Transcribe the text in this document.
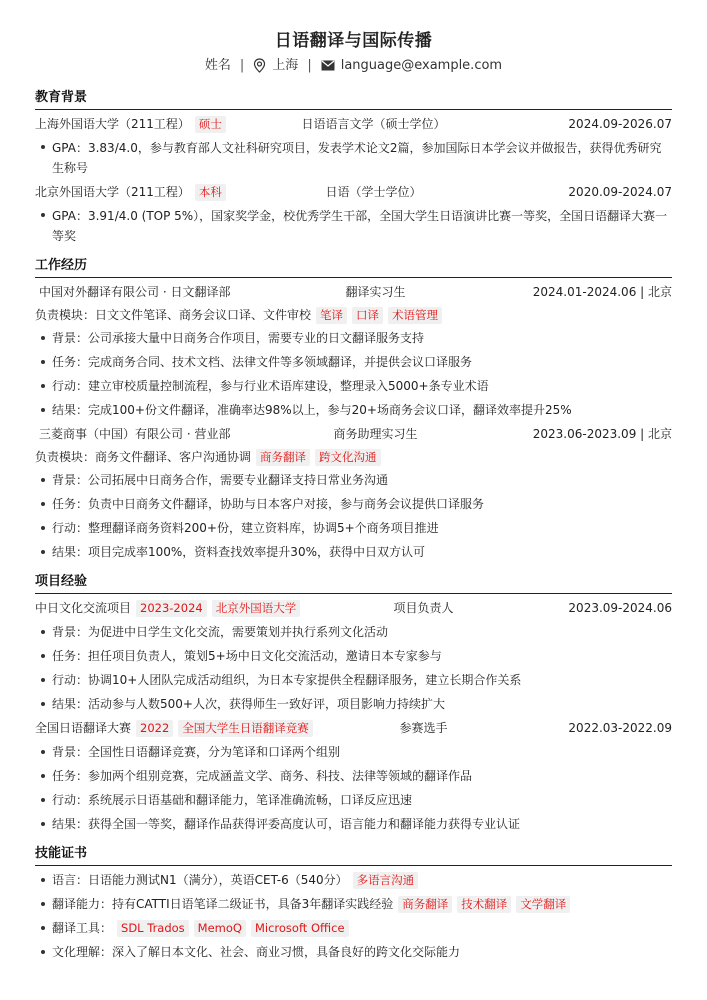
日语翻译与国际传播
姓名 | 上海 | language@example.com
教育背景
上海外国语大学（211工程） 硕士	日语语言文学（硕士学位）	2024.09-2026.07
GPA：3.83/4.0，参与教育部人文社科研究项目，发表学术论文2篇，参加国际日本学会议并做报告，获得优秀研究生称号
北京外国语大学（211工程） 本科	日语（学士学位）	2020.09-2024.07
GPA：3.91/4.0 (TOP 5%），国家奖学金，校优秀学生干部，全国大学生日语演讲比赛一等奖，全国日语翻译大赛一等奖
工作经历
中国对外翻译有限公司 · 日文翻译部	翻译实习生	2024.01-2024.06 | 北京
负责模块：日文文件笔译、商务会议口译、文件审校 笔译	口译	术语管理
背景：公司承接大量中日商务合作项目，需要专业的日文翻译服务支持
任务：完成商务合同、技术文档、法律文件等多领域翻译，并提供会议口译服务
行动：建立审校质量控制流程，参与行业术语库建设，整理录入5000+条专业术语
结果：完成100+份文件翻译，准确率达98%以上，参与20+场商务会议口译，翻译效率提升25%
三菱商事（中国）有限公司 · 营业部	商务助理实习生	2023.06-2023.09 | 北京
负责模块：商务文件翻译、客户沟通协调 商务翻译	跨文化沟通
背景：公司拓展中日商务合作，需要专业翻译支持日常业务沟通
任务：负责中日商务文件翻译，协助与日本客户对接，参与商务会议提供口译服务
行动：整理翻译商务资料200+份，建立资料库，协调5+个商务项目推进
结果：项目完成率100%，资料查找效率提升30%，获得中日双方认可
项目经验
中日文化交流项目 2023-2024	北京外国语大学	项目负责人	2023.09-2024.06
背景：为促进中日学生文化交流，需要策划并执行系列文化活动
任务：担任项目负责人，策划5+场中日文化交流活动，邀请日本专家参与
行动：协调10+人团队完成活动组织，为日本专家提供全程翻译服务，建立长期合作关系
结果：活动参与人数500+人次，获得师生一致好评，项目影响力持续扩大
全国日语翻译大赛 2022	全国大学生日语翻译竞赛	参赛选手	2022.03-2022.09
背景：全国性日语翻译竞赛，分为笔译和口译两个组别
任务：参加两个组别竞赛，完成涵盖文学、商务、科技、法律等领域的翻译作品
行动：系统展示日语基础和翻译能力，笔译准确流畅，口译反应迅速
结果：获得全国一等奖，翻译作品获得评委高度认可，语言能力和翻译能力获得专业认证
技能证书
语言：日语能力测试N1（满分），英语CET-6（540分） 多语言沟通
翻译能力：持有CATTI日语笔译二级证书，具备3年翻译实践经验 商务翻译 技术翻译 文学翻译
翻译工具： SDL Trados MemoQ Microsoft Office
文化理解：深入了解日本文化、社会、商业习惯，具备良好的跨文化交际能力
